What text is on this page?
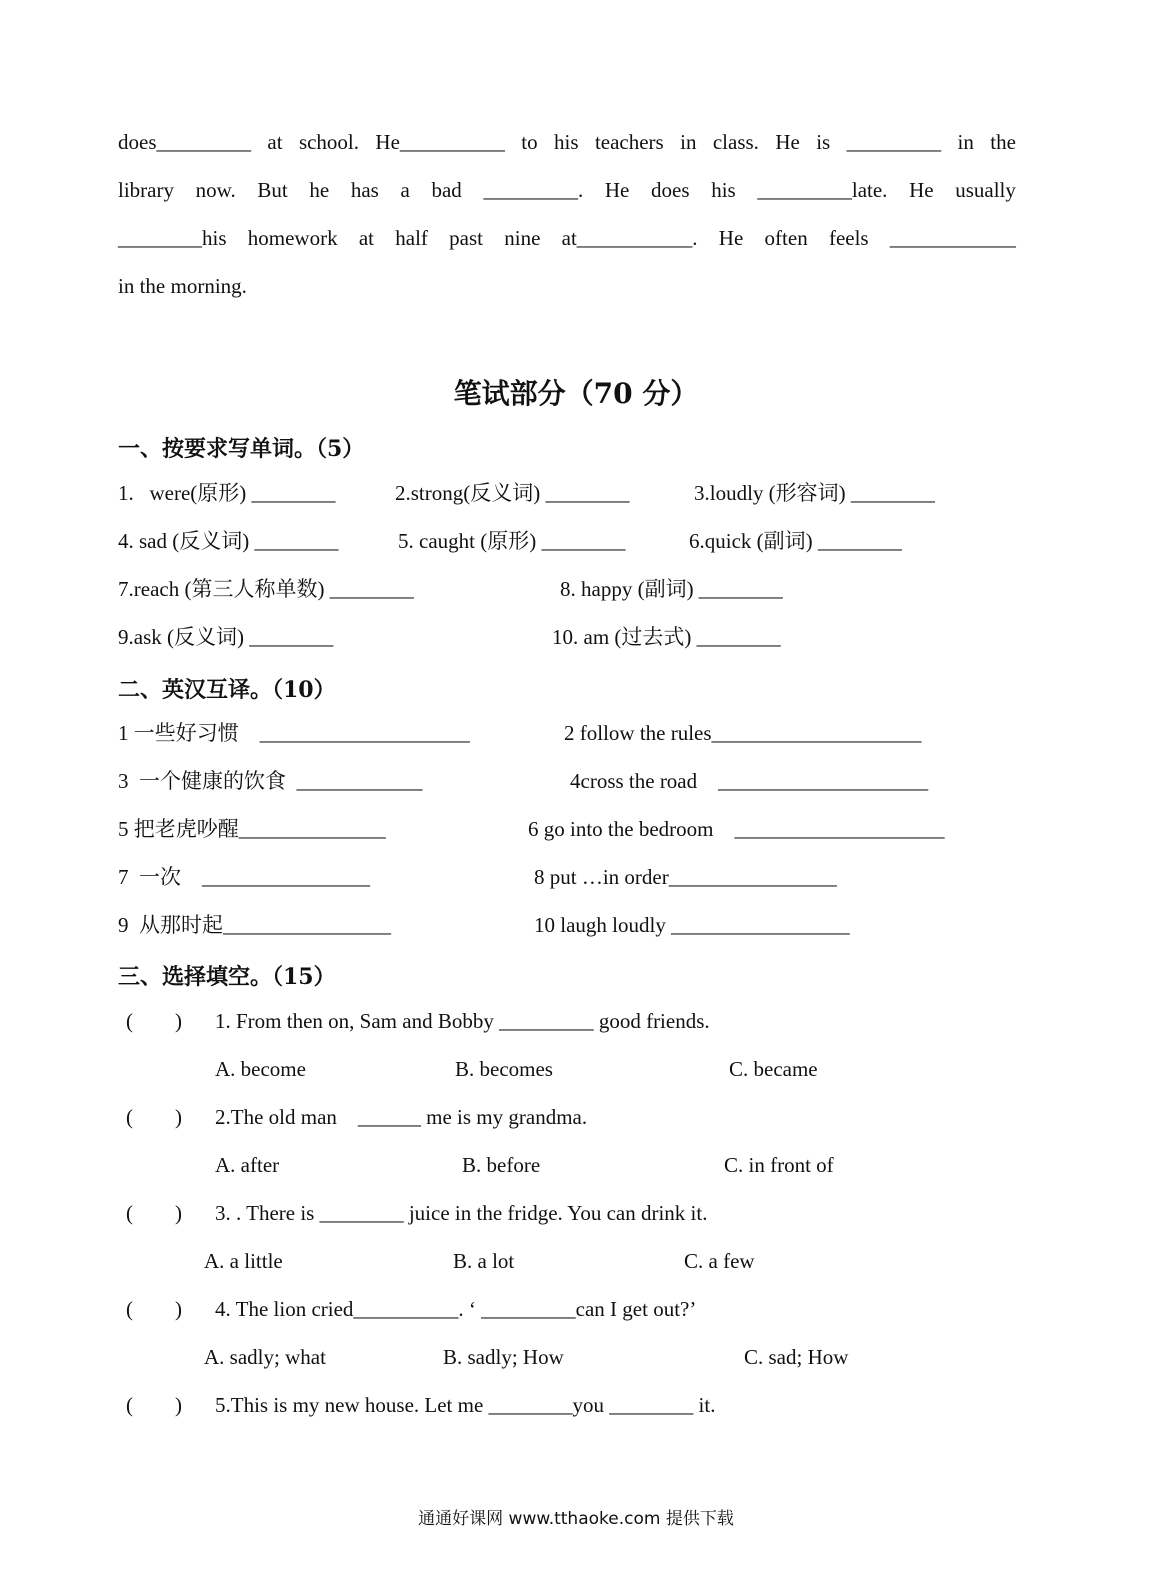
does_________ at school. He__________ to his teachers in class. He is _________ in the
library now. But he has a bad _________. He does his _________late. He usually
________his homework at half past nine at___________. He often feels ____________
in the morning.
笔试部分（70 分）
一、按要求写单词。（5）
1.   were(原形) ________	2.strong(反义词) ________	3.loudly (形容词) ________
4. sad (反义词) ________	5. caught (原形) ________	6.quick (副词) ________
7.reach (第三人称单数) ________	8. happy (副词) ________
9.ask (反义词) ________	10. am (过去式) ________
二、英汉互译。（10）
1 一些好习惯    ____________________	2 follow the rules____________________
3  一个健康的饮食  ____________	4cross the road    ____________________
5 把老虎吵醒______________	6 go into the bedroom    ____________________
7  一次    ________________	8 put …in order________________
9  从那时起________________	10 laugh loudly _________________
三、选择填空。（15）
(        ) 1. From then on, Sam and Bobby _________ good friends.
A. become	B. becomes	C. became
(        ) 2.The old man    ______ me is my grandma.
A. after	B. before	C. in front of
(        ) 3. . There is ________ juice in the fridge. You can drink it.
A. a little	B. a lot	C. a few
(        ) 4. The lion cried__________. ‘ _________can I get out?’
A. sadly; what	B. sadly; How	C. sad; How
(        ) 5.This is my new house. Let me ________you ________ it.
通通好课网 www.tthaoke.com 提供下载
